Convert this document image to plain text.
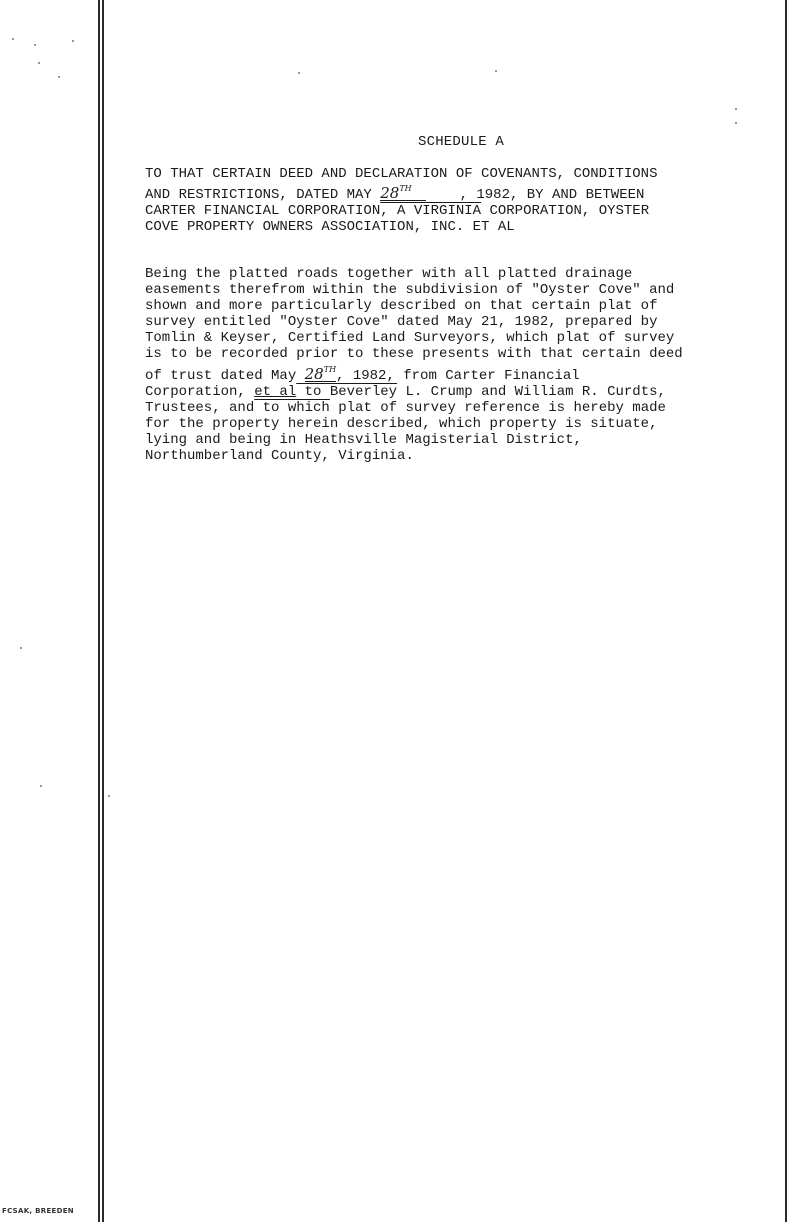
SCHEDULE A
TO THAT CERTAIN DEED AND DECLARATION OF COVENANTS, CONDITIONS
AND RESTRICTIONS, DATED MAY 28TH       , 1982, BY AND BETWEEN
CARTER FINANCIAL CORPORATION, A VIRGINIA CORPORATION, OYSTER
COVE PROPERTY OWNERS ASSOCIATION, INC. ET AL
Being the platted roads together with all platted drainage
easements therefrom within the subdivision of "Oyster Cove" and
shown and more particularly described on that certain plat of
survey entitled "Oyster Cove" dated May 21, 1982, prepared by
Tomlin & Keyser, Certified Land Surveyors, which plat of survey
is to be recorded prior to these presents with that certain deed
of trust dated May 28TH, 1982, from Carter Financial
Corporation, et al to Beverley L. Crump and William R. Curdts,
Trustees, and to which plat of survey reference is hereby made
for the property herein described, which property is situate,
lying and being in Heathsville Magisterial District,
Northumberland County, Virginia.
FCSAK, BREEDEN
